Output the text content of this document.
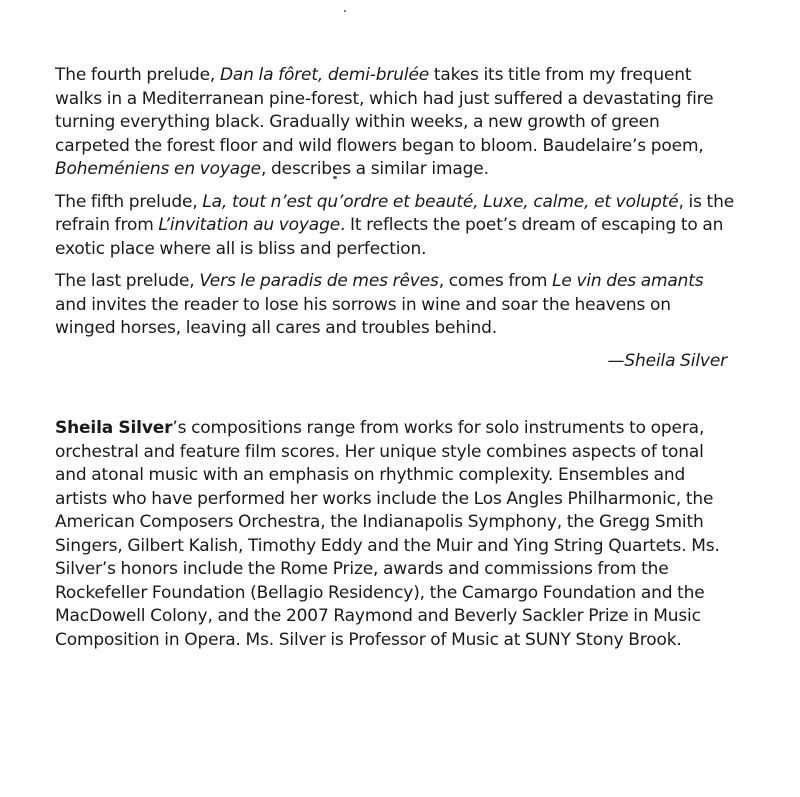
The fourth prelude, Dan la fôret, demi-brulée takes its title from my frequent walks in a Mediterranean pine-forest, which had just suffered a devastating fire turning everything black. Gradually within weeks, a new growth of green carpeted the forest floor and wild flowers began to bloom. Baudelaire’s poem, Boheméniens en voyage, describes a similar image.

The fifth prelude, La, tout n’est qu’ordre et beauté, Luxe, calme, et volupté, is the refrain from L’invitation au voyage. It reflects the poet’s dream of escaping to an exotic place where all is bliss and perfection.

The last prelude, Vers le paradis de mes rêves, comes from Le vin des amants and invites the reader to lose his sorrows in wine and soar the heavens on winged horses, leaving all cares and troubles behind.

—Sheila Silver

Sheila Silver’s compositions range from works for solo instruments to opera, orchestral and feature film scores. Her unique style combines aspects of tonal and atonal music with an emphasis on rhythmic complexity. Ensembles and artists who have performed her works include the Los Angles Philharmonic, the American Composers Orchestra, the Indianapolis Symphony, the Gregg Smith Singers, Gilbert Kalish, Timothy Eddy and the Muir and Ying String Quartets. Ms. Silver’s honors include the Rome Prize, awards and commissions from the Rockefeller Foundation (Bellagio Residency), the Camargo Foundation and the MacDowell Colony, and the 2007 Raymond and Beverly Sackler Prize in Music Composition in Opera. Ms. Silver is Professor of Music at SUNY Stony Brook.
